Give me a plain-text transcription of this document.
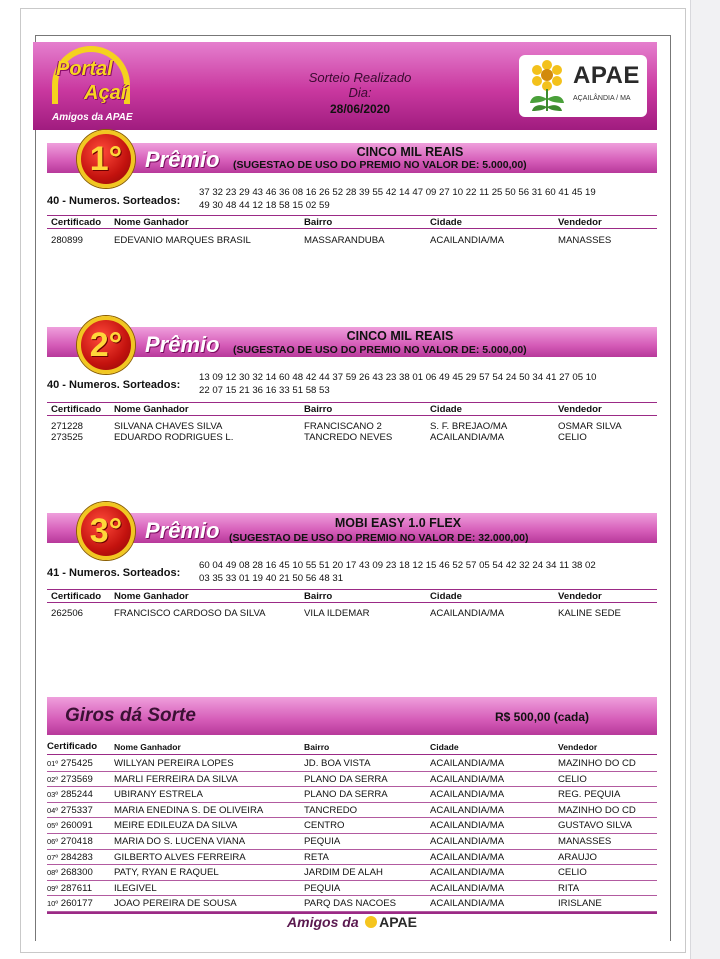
Portal
Açaí
Amigos da APAE
Sorteio Realizado
Dia:
28/06/2020
APAE
AÇAILÂNDIA / MA
1°	Prêmio	CINCO MIL REAIS
(SUGESTAO DE USO DO PREMIO NO VALOR DE: 5.000,00)
40 - Numeros. Sorteados:
37 32 23 29 43 46 36 08 16 26 52 28 39 55 42 14 47 09 27 10 22 11 25 50 56 31 60 41 45 19
49 30 48 44 12 18 58 15 02 59
Certificado Nome Ganhador	Bairro	Cidade	Vendedor
280899	EDEVANIO MARQUES BRASIL	MASSARANDUBA	ACAILANDIA/MA	MANASSES
2°	Prêmio	CINCO MIL REAIS
(SUGESTAO DE USO DO PREMIO NO VALOR DE: 5.000,00)
40 - Numeros. Sorteados:
13 09 12 30 32 14 60 48 42 44 37 59 26 43 23 38 01 06 49 45 29 57 54 24 50 34 41 27 05 10
22 07 15 21 36 16 33 51 58 53
Certificado Nome Ganhador	Bairro	Cidade	Vendedor
271228	SILVANA CHAVES SILVA	FRANCISCANO 2	S. F. BREJAO/MA	OSMAR SILVA
273525	EDUARDO RODRIGUES L.	TANCREDO NEVES	ACAILANDIA/MA	CELIO
3°	Prêmio	MOBI EASY 1.0 FLEX
(SUGESTAO DE USO DO PREMIO NO VALOR DE: 32.000,00)
41 - Numeros. Sorteados:
60 04 49 08 28 16 45 10 55 51 20 17 43 09 23 18 12 15 46 52 57 05 54 42 32 24 34 11 38 02
03 35 33 01 19 40 21 50 56 48 31
Certificado Nome Ganhador	Bairro	Cidade	Vendedor
262506	FRANCISCO CARDOSO DA SILVA	VILA ILDEMAR	ACAILANDIA/MA	KALINE SEDE
Giros dá Sorte	R$ 500,00 (cada)
Certificado Nome Ganhador	Bairro	Cidade	Vendedor
01º 275425 WILLYAN PEREIRA LOPES	JD. BOA VISTA	ACAILANDIA/MA	MAZINHO DO CD
02º 273569 MARLI FERREIRA DA SILVA	PLANO DA SERRA	ACAILANDIA/MA	CELIO
03º 285244 UBIRANY ESTRELA	PLANO DA SERRA	ACAILANDIA/MA	REG. PEQUIA
04º 275337 MARIA ENEDINA S. DE OLIVEIRA	TANCREDO	ACAILANDIA/MA	MAZINHO DO CD
05º 260091 MEIRE EDILEUZA DA SILVA	CENTRO	ACAILANDIA/MA	GUSTAVO SILVA
06º 270418 MARIA DO S. LUCENA VIANA	PEQUIA	ACAILANDIA/MA	MANASSES
07º 284283 GILBERTO ALVES FERREIRA	RETA	ACAILANDIA/MA	ARAUJO
08º 268300 PATY, RYAN E RAQUEL	JARDIM DE ALAH	ACAILANDIA/MA	CELIO
09º 287611 ILEGIVEL	PEQUIA	ACAILANDIA/MA	RITA
10º 260177 JOAO PEREIRA DE SOUSA	PARQ DAS NACOES	ACAILANDIA/MA	IRISLANE
Amigos da APAE
